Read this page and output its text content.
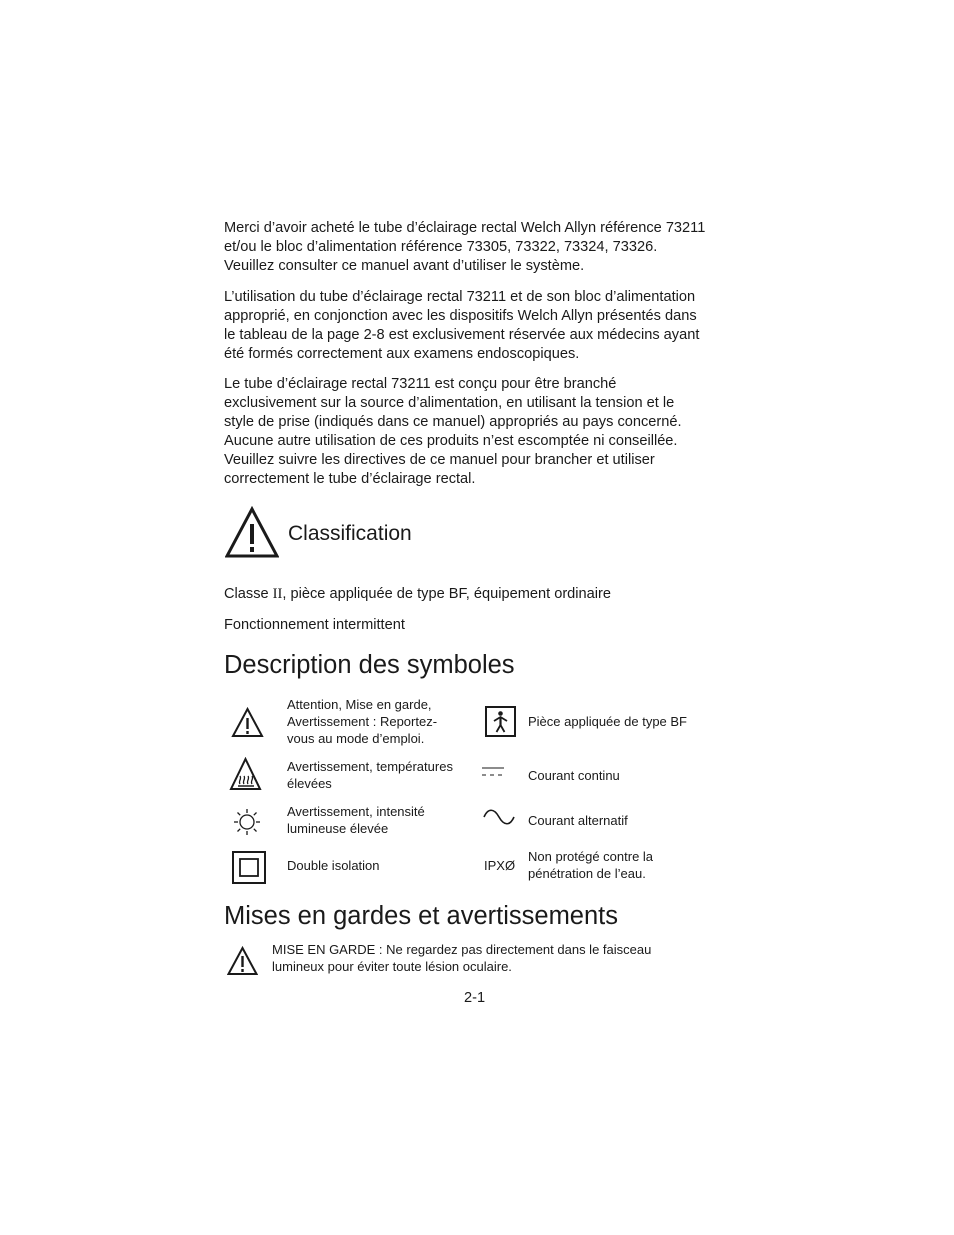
Merci d’avoir acheté le tube d’éclairage rectal Welch Allyn référence 73211
et/ou le bloc d’alimentation référence 73305, 73322, 73324, 73326.
Veuillez consulter ce manuel avant d’utiliser le système.
L’utilisation du tube d’éclairage rectal 73211 et de son bloc d’alimentation
approprié, en conjonction avec les dispositifs Welch Allyn présentés dans
le tableau de la page 2-8 est exclusivement réservée aux médecins ayant
été formés correctement aux examens endoscopiques.
Le tube d’éclairage rectal 73211 est conçu pour être branché
exclusivement sur la source d’alimentation, en utilisant la tension et le
style de prise (indiqués dans ce manuel) appropriés au pays concerné.
Aucune autre utilisation de ces produits n’est escomptée ni conseillée.
Veuillez suivre les directives de ce manuel pour brancher et utiliser
correctement le tube d’éclairage rectal.
Classification
Classe II, pièce appliquée de type BF, équipement ordinaire
Fonctionnement intermittent
Description des symboles
Attention, Mise en garde,
Avertissement : Reportez-
vous au mode d’emploi.
Avertissement, températures
élevées
Avertissement, intensité
lumineuse élevée
Double isolation
Pièce appliquée de type BF
Courant continu
Courant alternatif
IPXØ
Non protégé contre la
pénétration de l’eau.
Mises en gardes et avertissements
MISE EN GARDE : Ne regardez pas directement dans le faisceau
lumineux pour éviter toute lésion oculaire.
2-1
